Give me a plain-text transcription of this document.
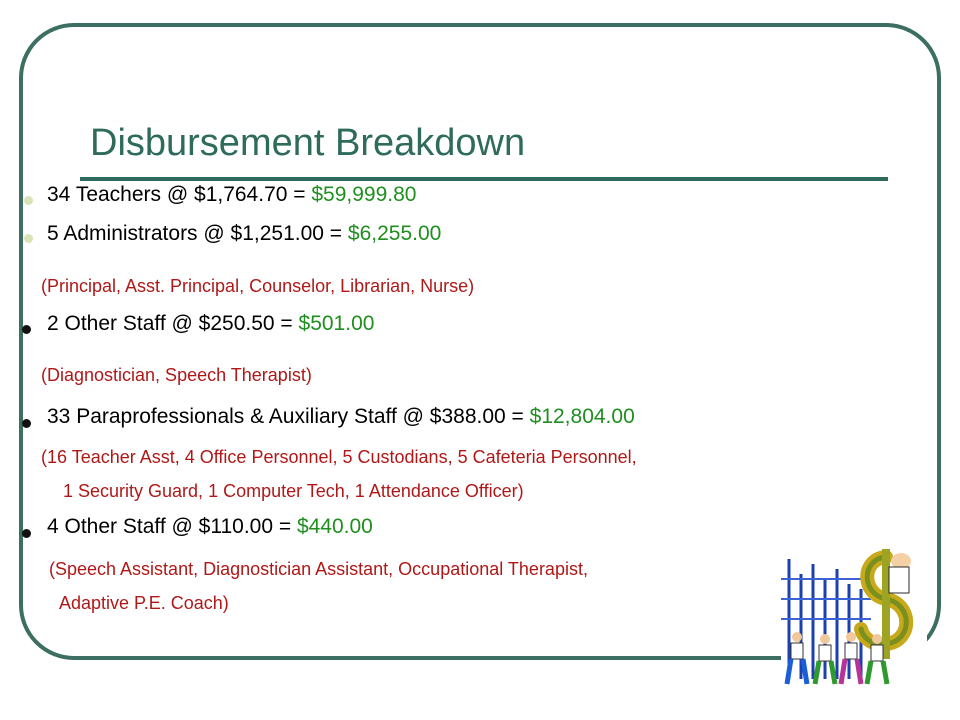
Disbursement Breakdown
34 Teachers @ $1,764.70 = $59,999.80
5 Administrators @ $1,251.00 = $6,255.00
(Principal, Asst. Principal, Counselor, Librarian, Nurse)
2 Other Staff @ $250.50 = $501.00
(Diagnostician, Speech Therapist)
33 Paraprofessionals & Auxiliary Staff @ $388.00 = $12,804.00
(16 Teacher Asst, 4 Office Personnel, 5 Custodians, 5 Cafeteria Personnel,
1 Security Guard, 1 Computer Tech, 1 Attendance Officer)
4 Other Staff @ $110.00 = $440.00
(Speech Assistant, Diagnostician Assistant, Occupational Therapist,
Adaptive P.E. Coach)
